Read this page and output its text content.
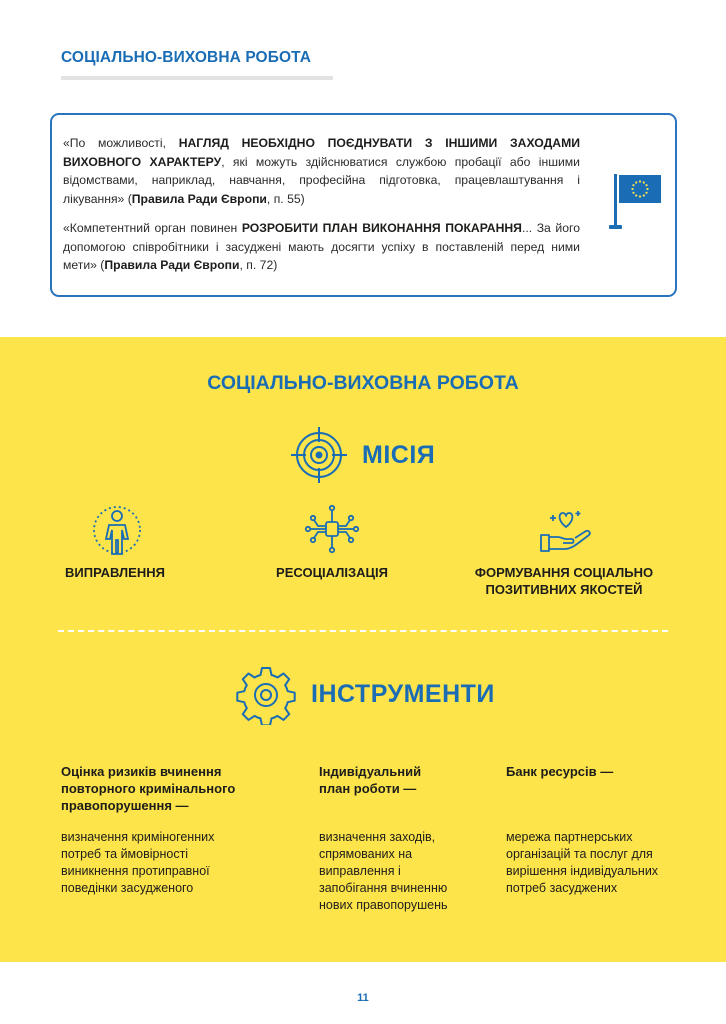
СОЦІАЛЬНО-ВИХОВНА РОБОТА

«По можливості, НАГЛЯД НЕОБХІДНО ПОЄДНУВАТИ З ІНШИМИ ЗАХОДАМИ ВИХОВНОГО ХАРАКТЕРУ, які можуть здійснюватися службою пробації або іншими відомствами, наприклад, навчання, професійна підготовка, працевлаштування і лікування» (Правила Ради Європи, п. 55)

«Компетентний орган повинен РОЗРОБИТИ ПЛАН ВИКОНАННЯ ПОКАРАННЯ... За його допомогою співробітники і засуджені мають досягти успіху в поставленій перед ними мети» (Правила Ради Європи, п. 72)

СОЦІАЛЬНО-ВИХОВНА РОБОТА
МІСІЯ
ВИПРАВЛЕННЯ	РЕСОЦІАЛІЗАЦІЯ	ФОРМУВАННЯ СОЦІАЛЬНО ПОЗИТИВНИХ ЯКОСТЕЙ
ІНСТРУМЕНТИ
Оцінка ризиків вчинення повторного кримінального правопорушення —
визначення криміногенних потреб та ймовірності виникнення протиправної поведінки засудженого
Індивідуальний план роботи —
визначення заходів, спрямованих на виправлення і запобігання вчиненню нових правопорушень
Банк ресурсів —
мережа партнерських організацій та послуг для вирішення індивідуальних потреб засуджених
11
